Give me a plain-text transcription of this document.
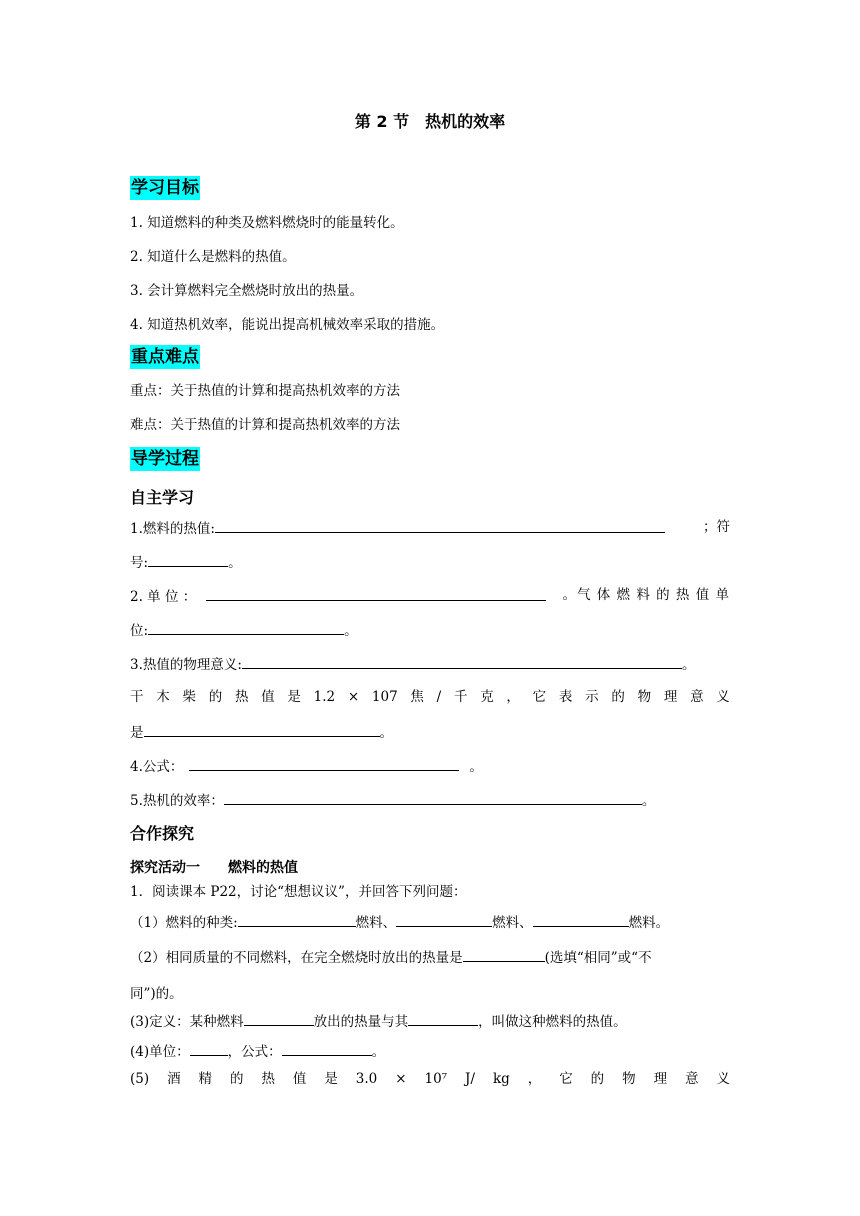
第 2 节　热机的效率
学习目标
1. 知道燃料的种类及燃料燃烧时的能量转化。
2. 知道什么是燃料的热值。
3. 会计算燃料完全燃烧时放出的热量。
4. 知道热机效率，能说出提高机械效率采取的措施。
重点难点
重点：关于热值的计算和提高热机效率的方法
难点：关于热值的计算和提高热机效率的方法
导学过程
自主学习
1.燃料的热值:	；符
号:	。
2. 单 位 ：	。气 体 燃 料 的 热 值 单
位:	。
3.热值的物理意义:	。
干 木 柴 的 热 值 是 1.2 × 107 焦 / 千 克 ， 它 表 示 的 物 理 意 义
是	。
4.公式：	。
5.热机的效率：	。
合作探究
探究活动一　　燃料的热值
1．阅读课本 P22，讨论“想想议议”，并回答下列问题：
（1）燃料的种类:	燃料、	燃料、	燃料。
（2）相同质量的不同燃料，在完全燃烧时放出的热量是	(选填“相同”或“不
同”)的。
(3)定义：某种燃料	放出的热量与其	，叫做这种燃料的热值。
(4)单位：	，公式：	。
(5) 酒 精 的 热 值 是 3.0 × 10⁷ J/ kg ， 它 的 物 理 意 义
